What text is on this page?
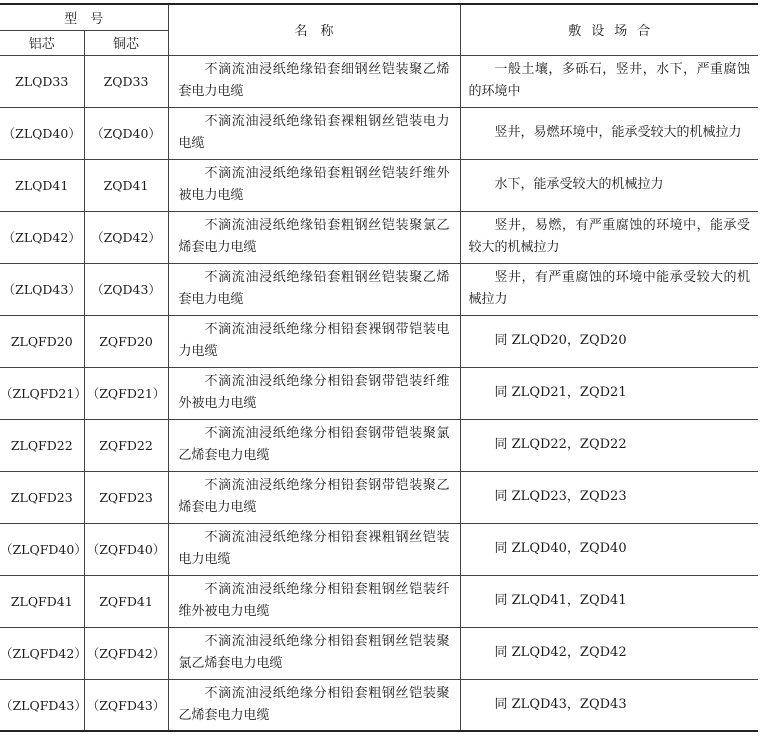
型　号		名　称	敷设场合
铝芯	铜芯		
ZLQD33	ZQD33	不滴流油浸纸绝缘铅套细钢丝铠装聚乙烯套电力电缆	一般土壤，多砾石，竖井，水下，严重腐蚀的环境中
（ZLQD40）	（ZQD40）	不滴流油浸纸绝缘铅套裸粗钢丝铠装电力电缆	竖井，易燃环境中，能承受较大的机械拉力
ZLQD41	ZQD41	不滴流油浸纸绝缘铅套粗钢丝铠装纤维外被电力电缆	水下，能承受较大的机械拉力
（ZLQD42）	（ZQD42）	不滴流油浸纸绝缘铅套粗钢丝铠装聚氯乙烯套电力电缆	竖井，易燃，有严重腐蚀的环境中，能承受较大的机械拉力
（ZLQD43）	（ZQD43）	不滴流油浸纸绝缘铅套粗钢丝铠装聚乙烯套电力电缆	竖井，有严重腐蚀的环境中能承受较大的机械拉力
ZLQFD20	ZQFD20	不滴流油浸纸绝缘分相铅套裸钢带铠装电力电缆	同 ZLQD20，ZQD20
（ZLQFD21）	（ZQFD21）	不滴流油浸纸绝缘分相铅套钢带铠装纤维外被电力电缆	同 ZLQD21，ZQD21
ZLQFD22	ZQFD22	不滴流油浸纸绝缘分相铅套钢带铠装聚氯乙烯套电力电缆	同 ZLQD22，ZQD22
ZLQFD23	ZQFD23	不滴流油浸纸绝缘分相铅套钢带铠装聚乙烯套电力电缆	同 ZLQD23，ZQD23
（ZLQFD40）	（ZQFD40）	不滴流油浸纸绝缘分相铅套裸粗钢丝铠装电力电缆	同 ZLQD40，ZQD40
ZLQFD41	ZQFD41	不滴流油浸纸绝缘分相铅套粗钢丝铠装纤维外被电力电缆	同 ZLQD41，ZQD41
（ZLQFD42）	（ZQFD42）	不滴流油浸纸绝缘分相铅套粗钢丝铠装聚氯乙烯套电力电缆	同 ZLQD42，ZQD42
（ZLQFD43）	（ZQFD43）	不滴流油浸纸绝缘分相铅套粗钢丝铠装聚乙烯套电力电缆	同 ZLQD43，ZQD43
